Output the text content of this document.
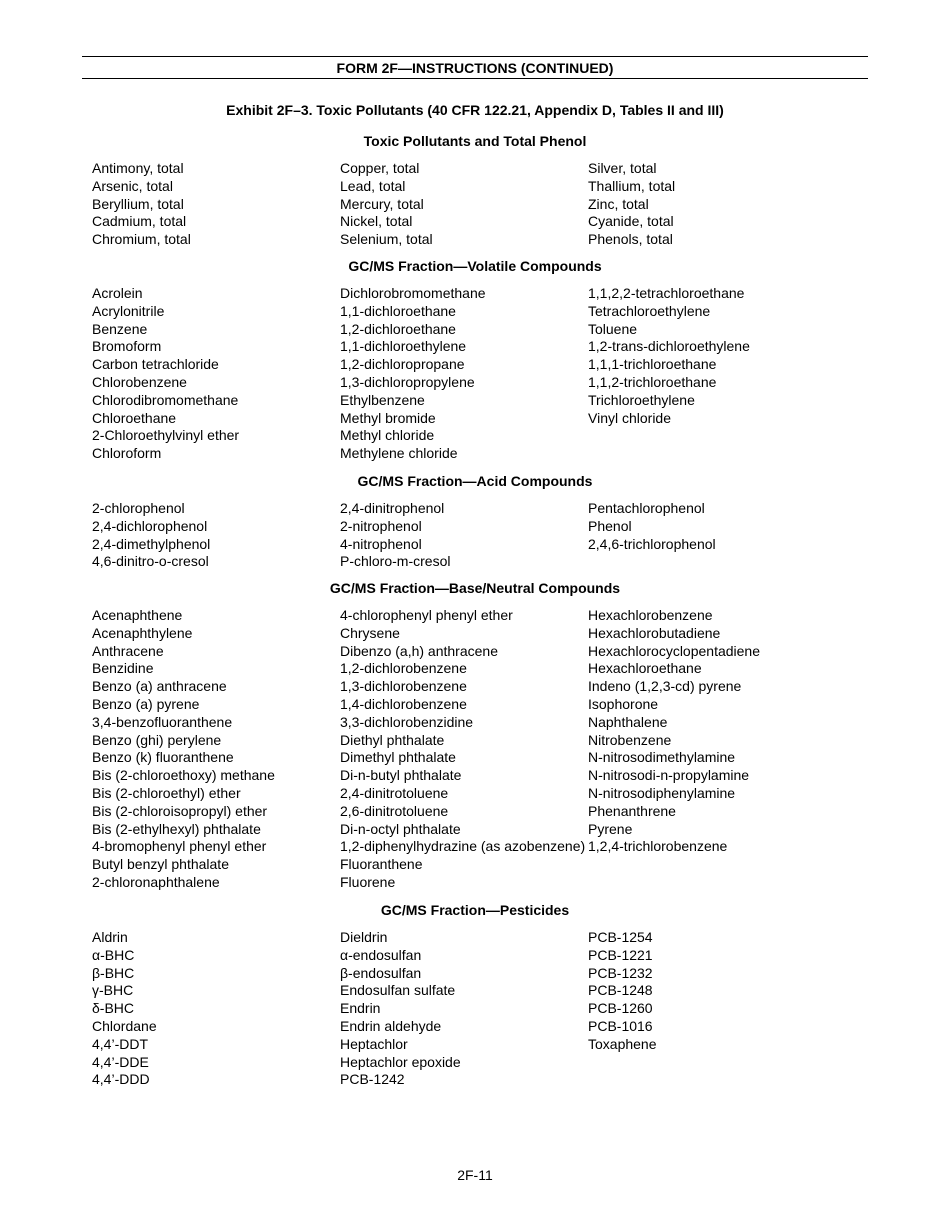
FORM 2F—INSTRUCTIONS (CONTINUED)
Exhibit 2F–3. Toxic Pollutants (40 CFR 122.21, Appendix D, Tables II and III)
Toxic Pollutants and Total Phenol
Antimony, total
Arsenic, total
Beryllium, total
Cadmium, total
Chromium, total
Copper, total
Lead, total
Mercury, total
Nickel, total
Selenium, total
Silver, total
Thallium, total
Zinc, total
Cyanide, total
Phenols, total
GC/MS Fraction—Volatile Compounds
Acrolein
Acrylonitrile
Benzene
Bromoform
Carbon tetrachloride
Chlorobenzene
Chlorodibromomethane
Chloroethane
2-Chloroethylvinyl ether
Chloroform
Dichlorobromomethane
1,1-dichloroethane
1,2-dichloroethane
1,1-dichloroethylene
1,2-dichloropropane
1,3-dichloropropylene
Ethylbenzene
Methyl bromide
Methyl chloride
Methylene chloride
1,1,2,2-tetrachloroethane
Tetrachloroethylene
Toluene
1,2-trans-dichloroethylene
1,1,1-trichloroethane
1,1,2-trichloroethane
Trichloroethylene
Vinyl chloride
GC/MS Fraction—Acid Compounds
2-chlorophenol
2,4-dichlorophenol
2,4-dimethylphenol
4,6-dinitro-o-cresol
2,4-dinitrophenol
2-nitrophenol
4-nitrophenol
P-chloro-m-cresol
Pentachlorophenol
Phenol
2,4,6-trichlorophenol
GC/MS Fraction—Base/Neutral Compounds
Acenaphthene
Acenaphthylene
Anthracene
Benzidine
Benzo (a) anthracene
Benzo (a) pyrene
3,4-benzofluoranthene
Benzo (ghi) perylene
Benzo (k) fluoranthene
Bis (2-chloroethoxy) methane
Bis (2-chloroethyl) ether
Bis (2-chloroisopropyl) ether
Bis (2-ethylhexyl) phthalate
4-bromophenyl phenyl ether
Butyl benzyl phthalate
2-chloronaphthalene
4-chlorophenyl phenyl ether
Chrysene
Dibenzo (a,h) anthracene
1,2-dichlorobenzene
1,3-dichlorobenzene
1,4-dichlorobenzene
3,3-dichlorobenzidine
Diethyl phthalate
Dimethyl phthalate
Di-n-butyl phthalate
2,4-dinitrotoluene
2,6-dinitrotoluene
Di-n-octyl phthalate
1,2-diphenylhydrazine (as azobenzene)
Fluoranthene
Fluorene
Hexachlorobenzene
Hexachlorobutadiene
Hexachlorocyclopentadiene
Hexachloroethane
Indeno (1,2,3-cd) pyrene
Isophorone
Naphthalene
Nitrobenzene
N-nitrosodimethylamine
N-nitrosodi-n-propylamine
N-nitrosodiphenylamine
Phenanthrene
Pyrene
1,2,4-trichlorobenzene
GC/MS Fraction—Pesticides
Aldrin
α-BHC
β-BHC
γ-BHC
δ-BHC
Chlordane
4,4’-DDT
4,4’-DDE
4,4’-DDD
Dieldrin
α-endosulfan
β-endosulfan
Endosulfan sulfate
Endrin
Endrin aldehyde
Heptachlor
Heptachlor epoxide
PCB-1242
PCB-1254
PCB-1221
PCB-1232
PCB-1248
PCB-1260
PCB-1016
Toxaphene
2F-11
